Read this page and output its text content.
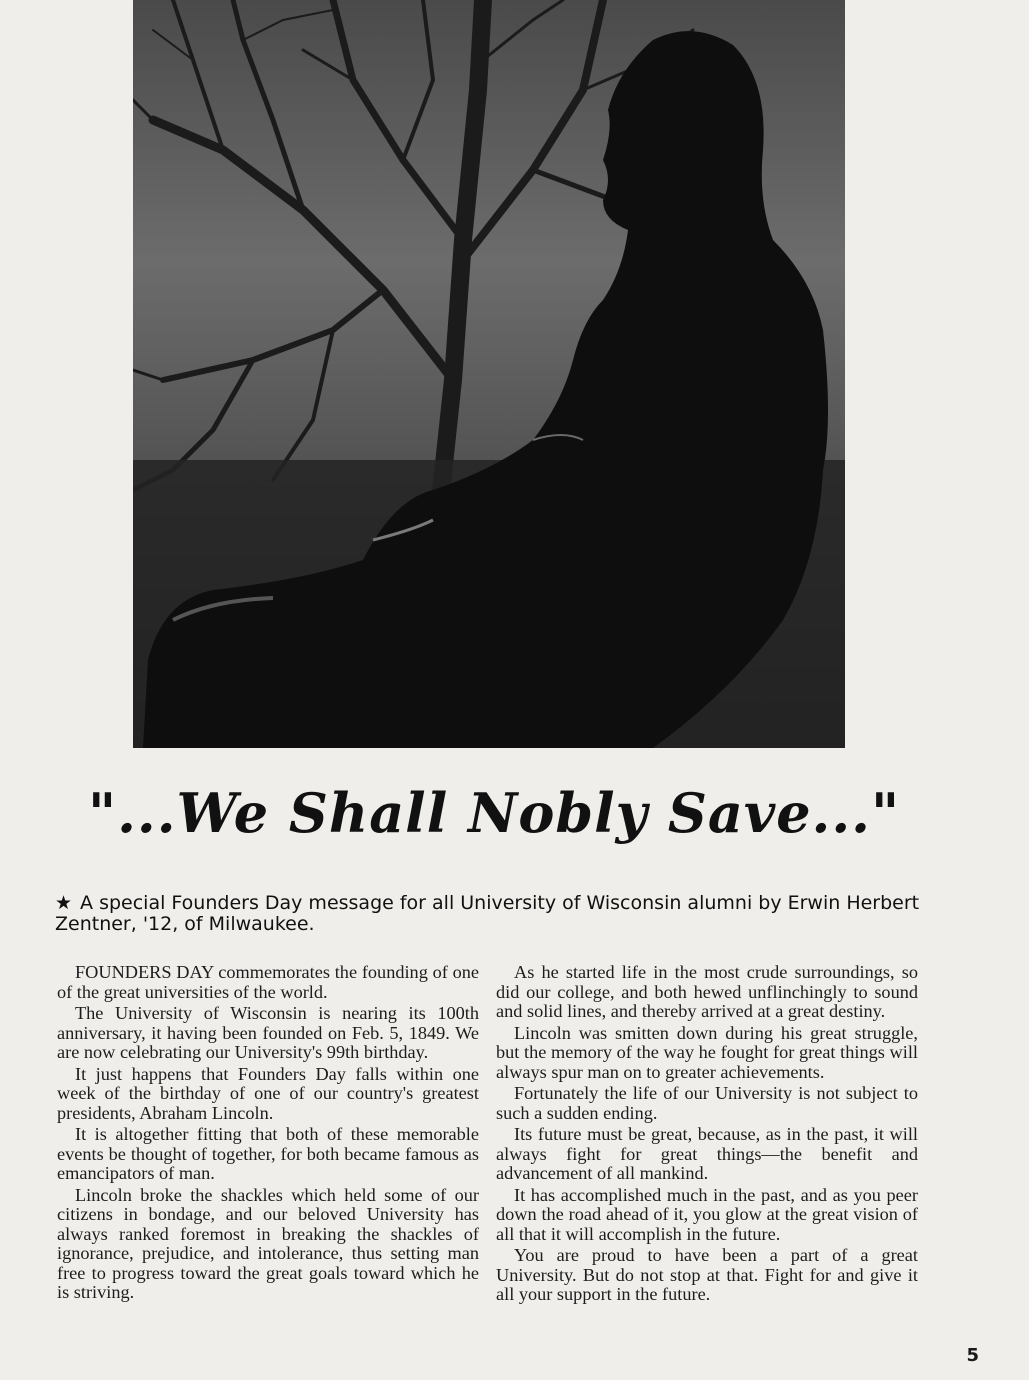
"...We Shall Nobly Save..."
★ A special Founders Day message for all University of Wisconsin alumni by Erwin Herbert Zentner, '12, of Milwaukee.

FOUNDERS DAY commemorates the founding of one of the great universities of the world.

The University of Wisconsin is nearing its 100th anniversary, it having been founded on Feb. 5, 1849. We are now celebrating our University's 99th birthday.

It just happens that Founders Day falls within one week of the birthday of one of our country's greatest presidents, Abraham Lincoln.

It is altogether fitting that both of these memorable events be thought of together, for both became famous as emancipators of man.

Lincoln broke the shackles which held some of our citizens in bondage, and our beloved University has always ranked foremost in breaking the shackles of ignorance, prejudice, and intolerance, thus setting man free to progress toward the great goals toward which he is striving.

As he started life in the most crude surroundings, so did our college, and both hewed unflinchingly to sound and solid lines, and thereby arrived at a great destiny.

Lincoln was smitten down during his great struggle, but the memory of the way he fought for great things will always spur man on to greater achievements.

Fortunately the life of our University is not subject to such a sudden ending.

Its future must be great, because, as in the past, it will always fight for great things—the benefit and advancement of all mankind.

It has accomplished much in the past, and as you peer down the road ahead of it, you glow at the great vision of all that it will accomplish in the future.

You are proud to have been a part of a great University. But do not stop at that. Fight for and give it all your support in the future.

5
